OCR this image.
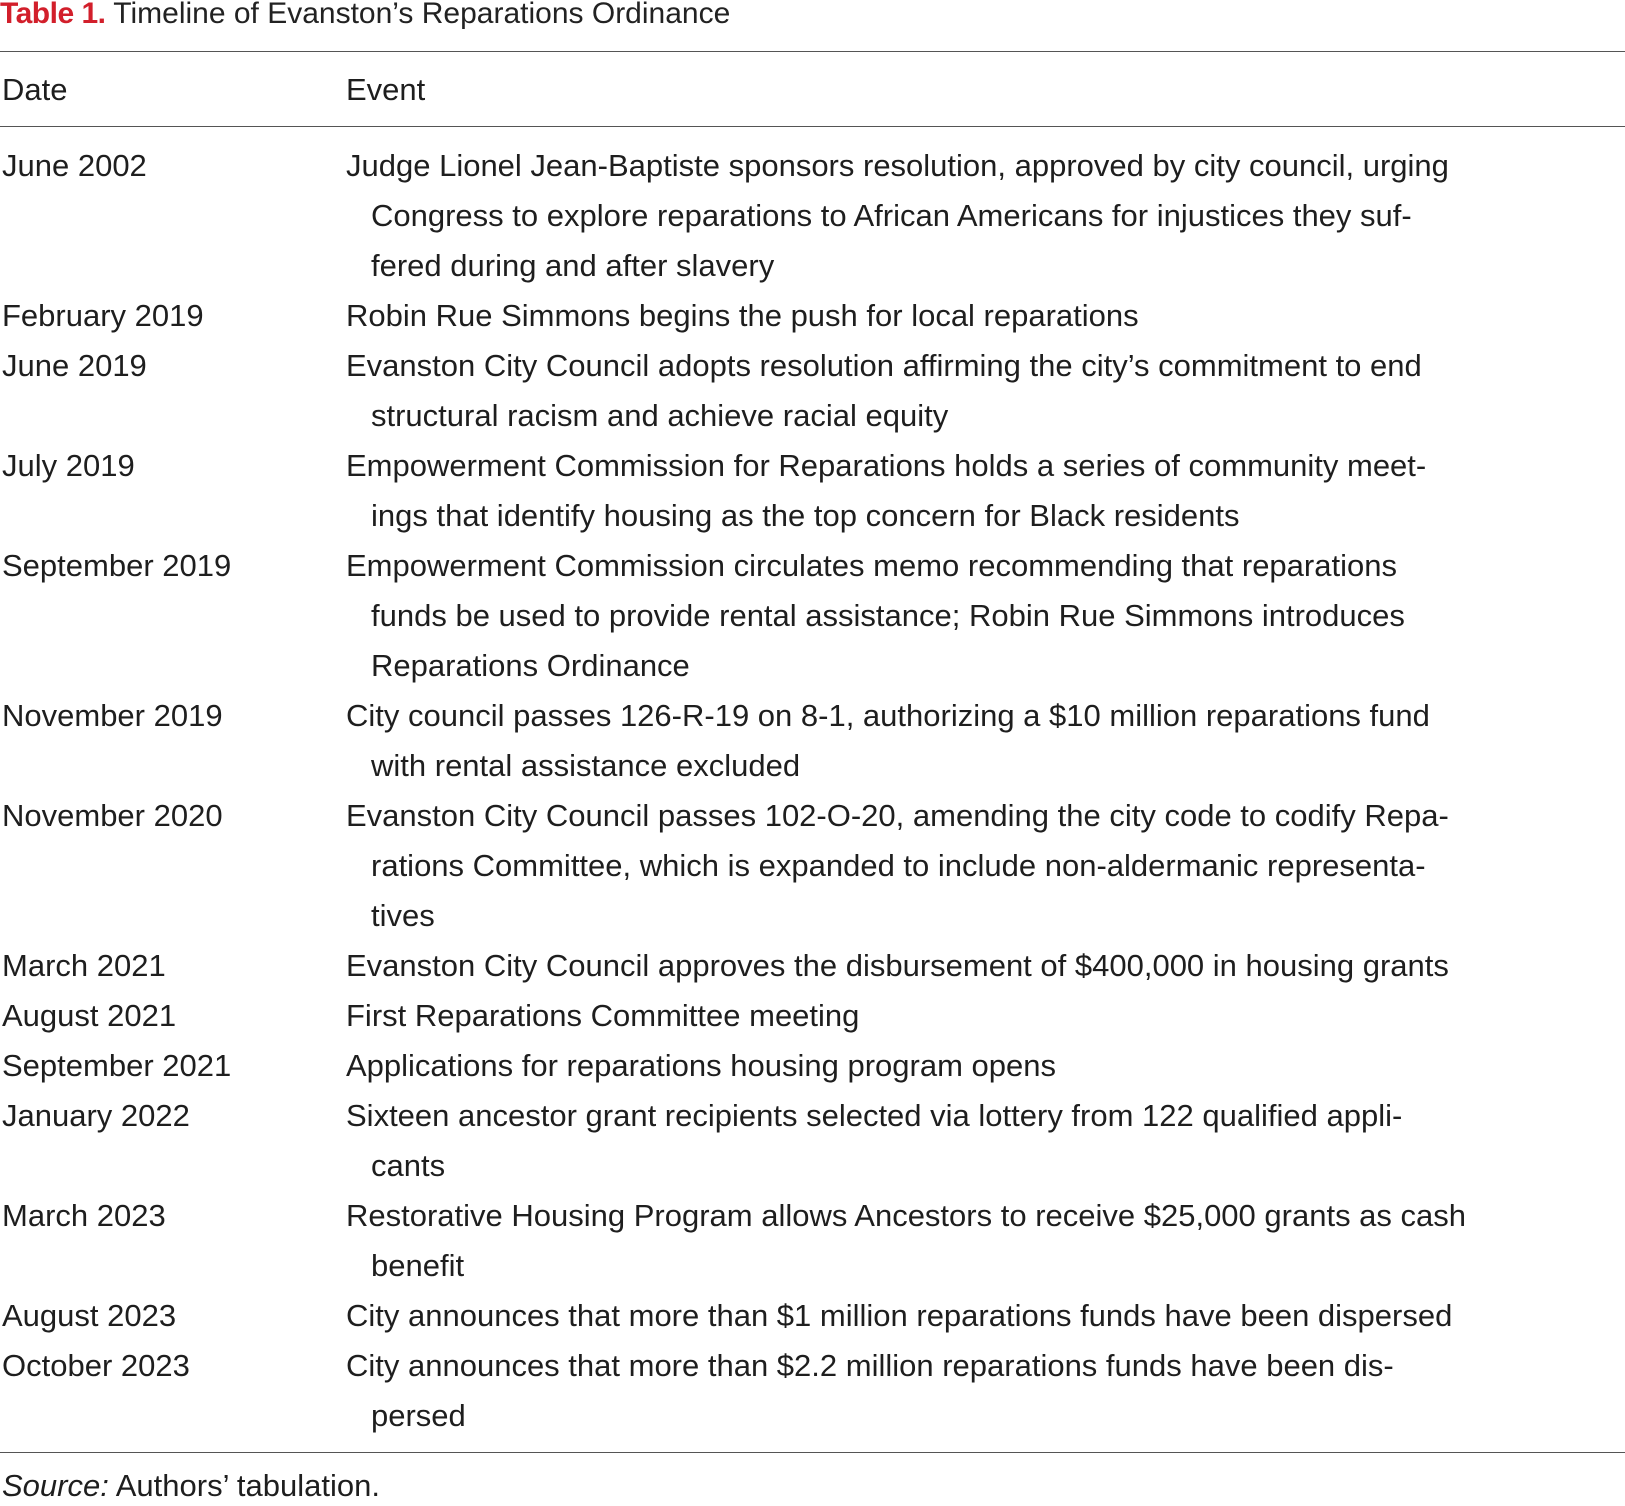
Table 1. Timeline of Evanston’s Reparations Ordinance
Date	Event
June 2002	Judge Lionel Jean-Baptiste sponsors resolution, approved by city council, urging
Congress to explore reparations to African Americans for injustices they suf-
fered during and after slavery
February 2019	Robin Rue Simmons begins the push for local reparations
June 2019	Evanston City Council adopts resolution affirming the city’s commitment to end
structural racism and achieve racial equity
July 2019	Empowerment Commission for Reparations holds a series of community meet-
ings that identify housing as the top concern for Black residents
September 2019	Empowerment Commission circulates memo recommending that reparations
funds be used to provide rental assistance; Robin Rue Simmons introduces
Reparations Ordinance
November 2019	City council passes 126-R-19 on 8-1, authorizing a $10 million reparations fund
with rental assistance excluded
November 2020	Evanston City Council passes 102-O-20, amending the city code to codify Repa-
rations Committee, which is expanded to include non-aldermanic representa-
tives
March 2021	Evanston City Council approves the disbursement of $400,000 in housing grants
August 2021	First Reparations Committee meeting
September 2021	Applications for reparations housing program opens
January 2022	Sixteen ancestor grant recipients selected via lottery from 122 qualified appli-
cants
March 2023	Restorative Housing Program allows Ancestors to receive $25,000 grants as cash
benefit
August 2023	City announces that more than $1 million reparations funds have been dispersed
October 2023	City announces that more than $2.2 million reparations funds have been dis-
persed
Source: Authors’ tabulation.
